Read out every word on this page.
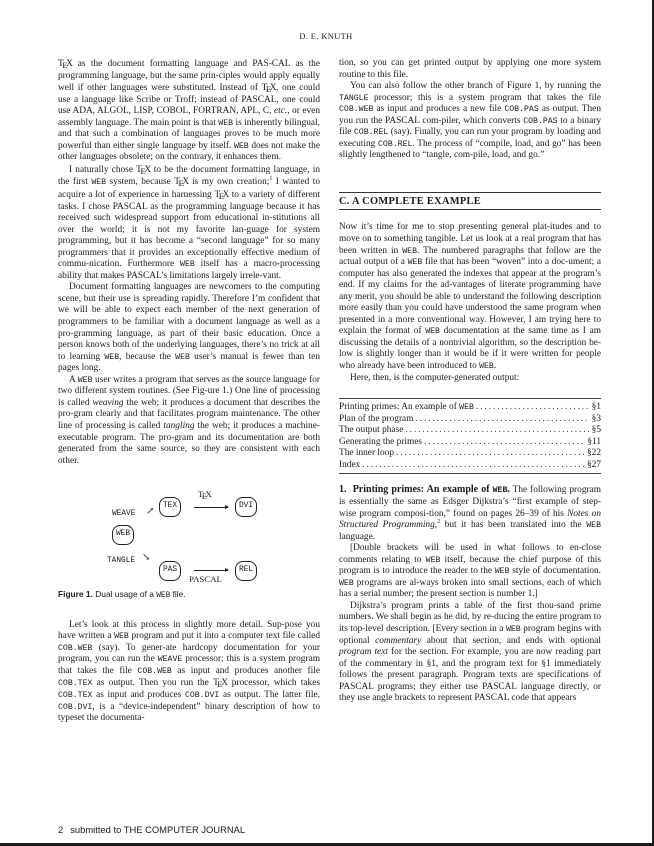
D. E. KNUTH

TEX as the document formatting language and PAS-CAL as the programming language, but the same prin-ciples would apply equally well if other languages were substituted. Instead of TEX, one could use a language like Scribe or Troff; instead of PASCAL, one could use ADA, ALGOL, LISP, COBOL, FORTRAN, APL, C, etc., or even assembly language. The main point is that WEB is inherently bilingual, and that such a combination of languages proves to be much more powerful than either single language by itself. WEB does not make the other languages obsolete; on the contrary, it enhances them.

I naturally chose TEX to be the document formatting language, in the first WEB system, because TEX is my own creation;$^1$ I wanted to acquire a lot of experience in harnessing TEX to a variety of different tasks. I chose PASCAL as the programming language because it has received such widespread support from educational in-stitutions all over the world; it is not my favorite lan-guage for system programming, but it has become a “second language” for so many programmers that it provides an exceptionally effective medium of commu-nication. Furthermore WEB itself has a macro-processing ability that makes PASCAL’s limitations largely irrele-vant.

Document formatting languages are newcomers to the computing scene, but their use is spreading rapidly. Therefore I’m confident that we will be able to expect each member of the next generation of programmers to be familiar with a document language as well as a pro-gramming language, as part of their basic education. Once a person knows both of the underlying languages, there’s no trick at all to learning WEB, because the WEB user’s manual is fewer than ten pages long.

A WEB user writes a program that serves as the source language for two different system routines. (See Fig-ure 1.) One line of processing is called weaving the web; it produces a document that describes the pro-gram clearly and that facilitates program maintenance. The other line of processing is called tangling the web; it produces a machine-executable program. The pro-gram and its documentation are both generated from the same source, so they are consistent with each other.

WEAVE ↗
WEB
TANGLE ↘
TEX
TEX
DVI
PAS
PASCAL
REL
Figure 1. Dual usage of a WEB file.

Let’s look at this process in slightly more detail. Sup-pose you have written a WEB program and put it into a computer text file called COB.WEB (say). To gener-ate hardcopy documentation for your program, you can run the WEAVE processor; this is a system program that takes the file COB.WEB as input and produces another file COB.TEX as output. Then you run the TEX processor, which takes COB.TEX as input and produces COB.DVI as output. The latter file, COB.DVI, is a “device-independent” binary description of how to typeset the documenta-

tion, so you can get printed output by applying one more system routine to this file.

You can also follow the other branch of Figure 1, by running the TANGLE processor; this is a system program that takes the file COB.WEB as input and produces a new file COB.PAS as output. Then you run the PASCAL com-piler, which converts COB.PAS to a binary file COB.REL (say). Finally, you can run your program by loading and executing COB.REL. The process of “compile, load, and go” has been slightly lengthened to “tangle, com-pile, load, and go.”

C. A COMPLETE EXAMPLE

Now it’s time for me to stop presenting general plat-itudes and to move on to something tangible. Let us look at a real program that has been written in WEB. The numbered paragraphs that follow are the actual output of a WEB file that has been “woven” into a doc-ument; a computer has also generated the indexes that appear at the program’s end. If my claims for the ad-vantages of literate programming have any merit, you should be able to understand the following description more easily than you could have understood the same program when presented in a more conventional way. However, I am trying here to explain the format of WEB documentation at the same time as I am discussing the details of a nontrivial algorithm, so the description be-low is slightly longer than it would be if it were written for people who already have been introduced to WEB.

Here, then, is the computer-generated output:

Printing primes: An example of WEB .....	§1
Plan of the program .....	§3
The output phase .....	§5
Generating the primes .....	§11
The inner loop .....	§22
Index .....	§27

1. Printing primes: An example of WEB. The following program is essentially the same as Edsger Dijkstra’s “first example of step-wise program composi-tion,” found on pages 26–39 of his Notes on Structured Programming,$^2$ but it has been translated into the WEB language.

[Double brackets will be used in what follows to en-close comments relating to WEB itself, because the chief purpose of this program is to introduce the reader to the WEB style of documentation. WEB programs are al-ways broken into small sections, each of which has a serial number; the present section is number 1.]

Dijkstra’s program prints a table of the first thou-sand prime numbers. We shall begin as he did, by re-ducing the entire program to its top-level description. [Every section in a WEB program begins with optional commentary about that section, and ends with optional program text for the section. For example, you are now reading part of the commentary in §1, and the program text for §1 immediately follows the present paragraph. Program texts are specifications of PASCAL programs; they either use PASCAL language directly, or they use angle brackets to represent PASCAL code that appears

2 submitted to THE COMPUTER JOURNAL
